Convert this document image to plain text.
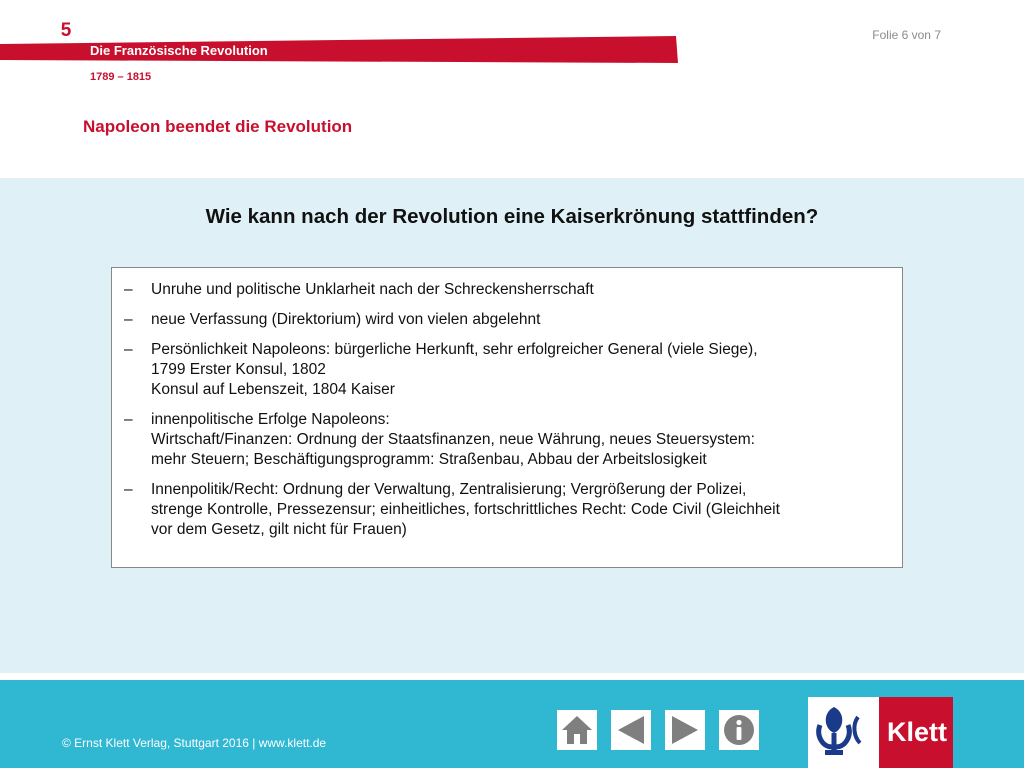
5
Die Französische Revolution
Folie 6 von 7
1789 – 1815
Napoleon beendet die Revolution
Wie kann nach der Revolution eine Kaiserkrönung stattfinden?
– Unruhe und politische Unklarheit nach der Schreckensherrschaft
– neue Verfassung (Direktorium) wird von vielen abgelehnt
– Persönlichkeit Napoleons: bürgerliche Herkunft, sehr erfolgreicher General (viele Siege),
1799 Erster Konsul, 1802
Konsul auf Lebenszeit, 1804 Kaiser
– innenpolitische Erfolge Napoleons:
Wirtschaft/Finanzen: Ordnung der Staatsfinanzen, neue Währung, neues Steuersystem:
mehr Steuern; Beschäftigungsprogramm: Straßenbau, Abbau der Arbeitslosigkeit
– Innenpolitik/Recht: Ordnung der Verwaltung, Zentralisierung; Vergrößerung der Polizei,
strenge Kontrolle, Pressezensur; einheitliches, fortschrittliches Recht: Code Civil (Gleichheit
vor dem Gesetz, gilt nicht für Frauen)
© Ernst Klett Verlag, Stuttgart 2016 | www.klett.de	Klett
